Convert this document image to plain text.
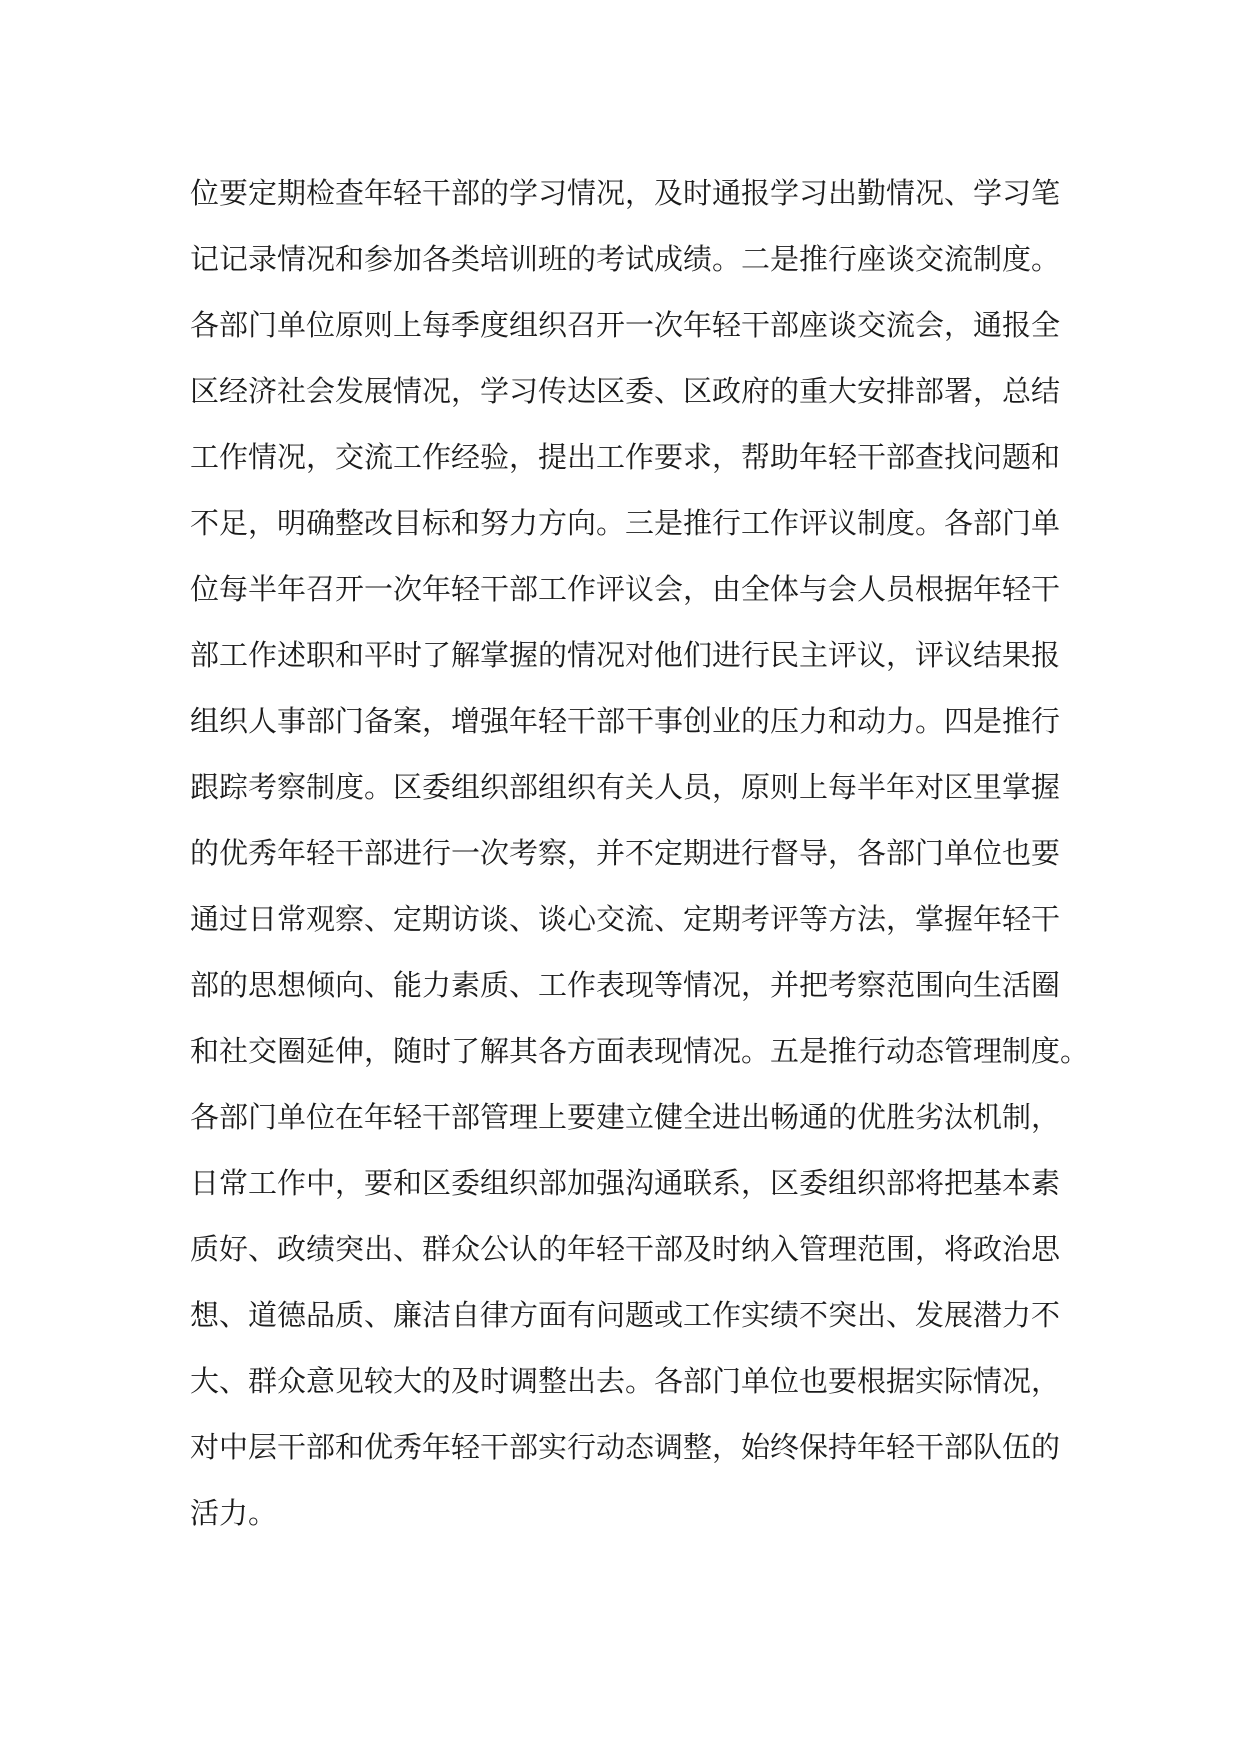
位要定期检查年轻干部的学习情况，及时通报学习出勤情况、学习笔
记记录情况和参加各类培训班的考试成绩。二是推行座谈交流制度。
各部门单位原则上每季度组织召开一次年轻干部座谈交流会，通报全
区经济社会发展情况，学习传达区委、区政府的重大安排部署，总结
工作情况，交流工作经验，提出工作要求，帮助年轻干部查找问题和
不足，明确整改目标和努力方向。三是推行工作评议制度。各部门单
位每半年召开一次年轻干部工作评议会，由全体与会人员根据年轻干
部工作述职和平时了解掌握的情况对他们进行民主评议，评议结果报
组织人事部门备案，增强年轻干部干事创业的压力和动力。四是推行
跟踪考察制度。区委组织部组织有关人员，原则上每半年对区里掌握
的优秀年轻干部进行一次考察，并不定期进行督导，各部门单位也要
通过日常观察、定期访谈、谈心交流、定期考评等方法，掌握年轻干
部的思想倾向、能力素质、工作表现等情况，并把考察范围向生活圈
和社交圈延伸，随时了解其各方面表现情况。五是推行动态管理制度。
各部门单位在年轻干部管理上要建立健全进出畅通的优胜劣汰机制，
日常工作中，要和区委组织部加强沟通联系，区委组织部将把基本素
质好、政绩突出、群众公认的年轻干部及时纳入管理范围，将政治思
想、道德品质、廉洁自律方面有问题或工作实绩不突出、发展潜力不
大、群众意见较大的及时调整出去。各部门单位也要根据实际情况，
对中层干部和优秀年轻干部实行动态调整，始终保持年轻干部队伍的
活力。
